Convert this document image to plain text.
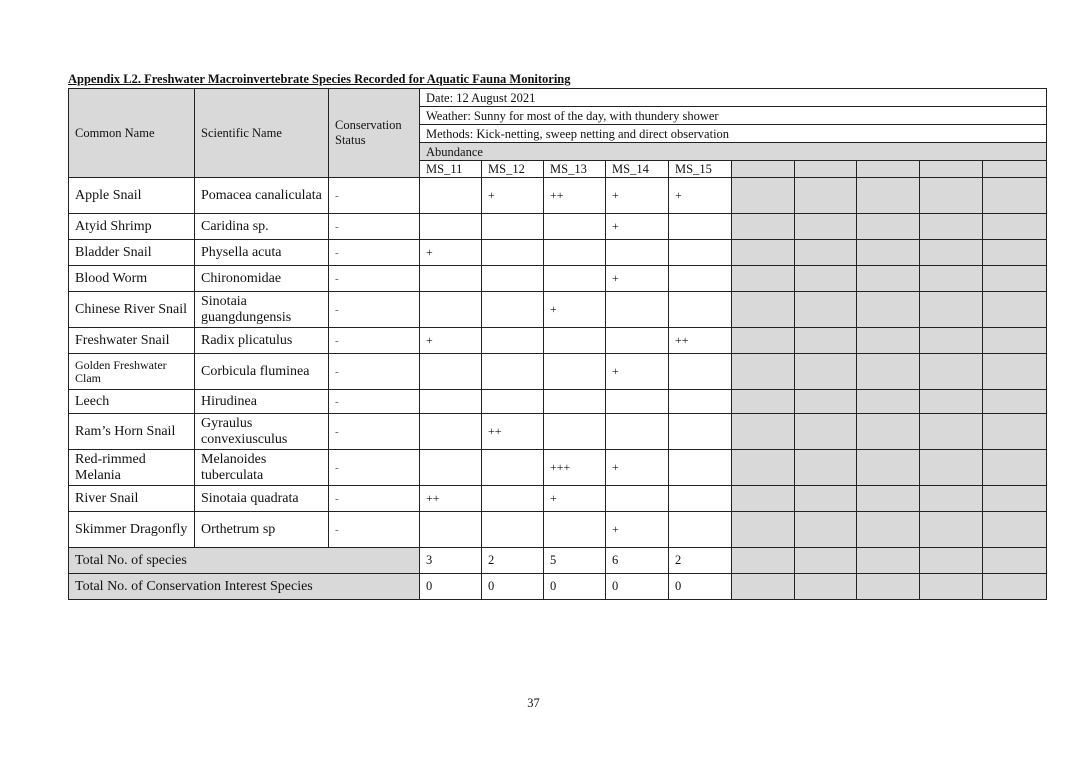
Appendix L2. Freshwater Macroinvertebrate Species Recorded for Aquatic Fauna Monitoring
Common Name	Scientific Name	Conservation Status	Date: 12 August 2021									
			Weather: Sunny for most of the day, with thundery shower									
			Methods: Kick-netting, sweep netting and direct observation									
			Abundance									
			MS_11	MS_12	MS_13	MS_14	MS_15					
Apple Snail	Pomacea canaliculata	-		+	++	+	+					
Atyid Shrimp	Caridina sp.	-				+						
Bladder Snail	Physella acuta	-	+									
Blood Worm	Chironomidae	-				+						
Chinese River Snail	Sinotaia guangdungensis	-			+							
Freshwater Snail	Radix plicatulus	-	+				++					
Golden Freshwater Clam	Corbicula fluminea	-				+						
Leech	Hirudinea	-										
Ram’s Horn Snail	Gyraulus convexiusculus	-		++								
Red-rimmed Melania	Melanoides tuberculata	-			+++	+						
River Snail	Sinotaia quadrata	-	++		+							
Skimmer Dragonfly	Orthetrum sp	-				+						
Total No. of species			3	2	5	6	2					
Total No. of Conservation Interest Species			0	0	0	0	0					
37
